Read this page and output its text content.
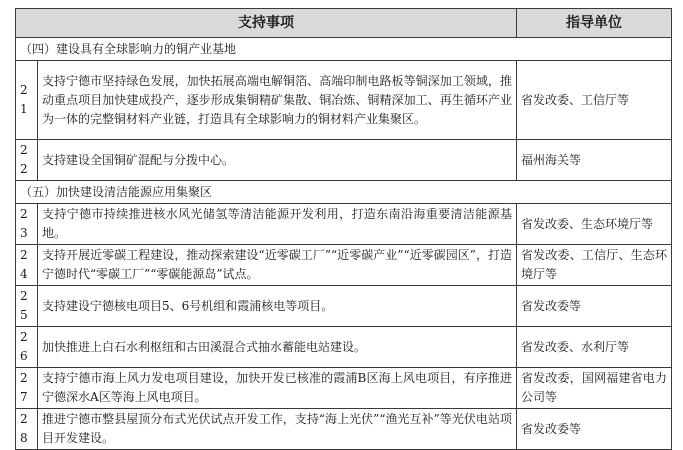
支持事项		指导单位
（四）建设具有全球影响力的铜产业基地		
21	支持宁德市坚持绿色发展，加快拓展高端电解铜箔、高端印制电路板等铜深加工领域，推动重点项目加快建成投产，逐步形成集铜精矿集散、铜冶炼、铜精深加工、再生循环产业为一体的完整铜材料产业链，打造具有全球影响力的铜材料产业集聚区。	省发改委、工信厅等
22	支持建设全国铜矿混配与分拨中心。	福州海关等
（五）加快建设清洁能源应用集聚区		
23	支持宁德市持续推进核水风光储氢等清洁能源开发利用，打造东南沿海重要清洁能源基地。	省发改委、生态环境厅等
24	支持开展近零碳工程建设，推动探索建设“近零碳工厂”“近零碳产业”“近零碳园区”，打造宁德时代“零碳工厂”“零碳能源岛”试点。	省发改委、工信厅、生态环境厅等
25	支持建设宁德核电项目5、6号机组和霞浦核电等项目。	省发改委等
26	加快推进上白石水利枢纽和古田溪混合式抽水蓄能电站建设。	省发改委、水利厅等
27	支持宁德市海上风力发电项目建设，加快开发已核准的霞浦B区海上风电项目，有序推进宁德深水A区等海上风电项目。	省发改委，国网福建省电力公司等
28	推进宁德市整县屋顶分布式光伏试点开发工作，支持“海上光伏”“渔光互补”等光伏电站项目开发建设。	省发改委等
